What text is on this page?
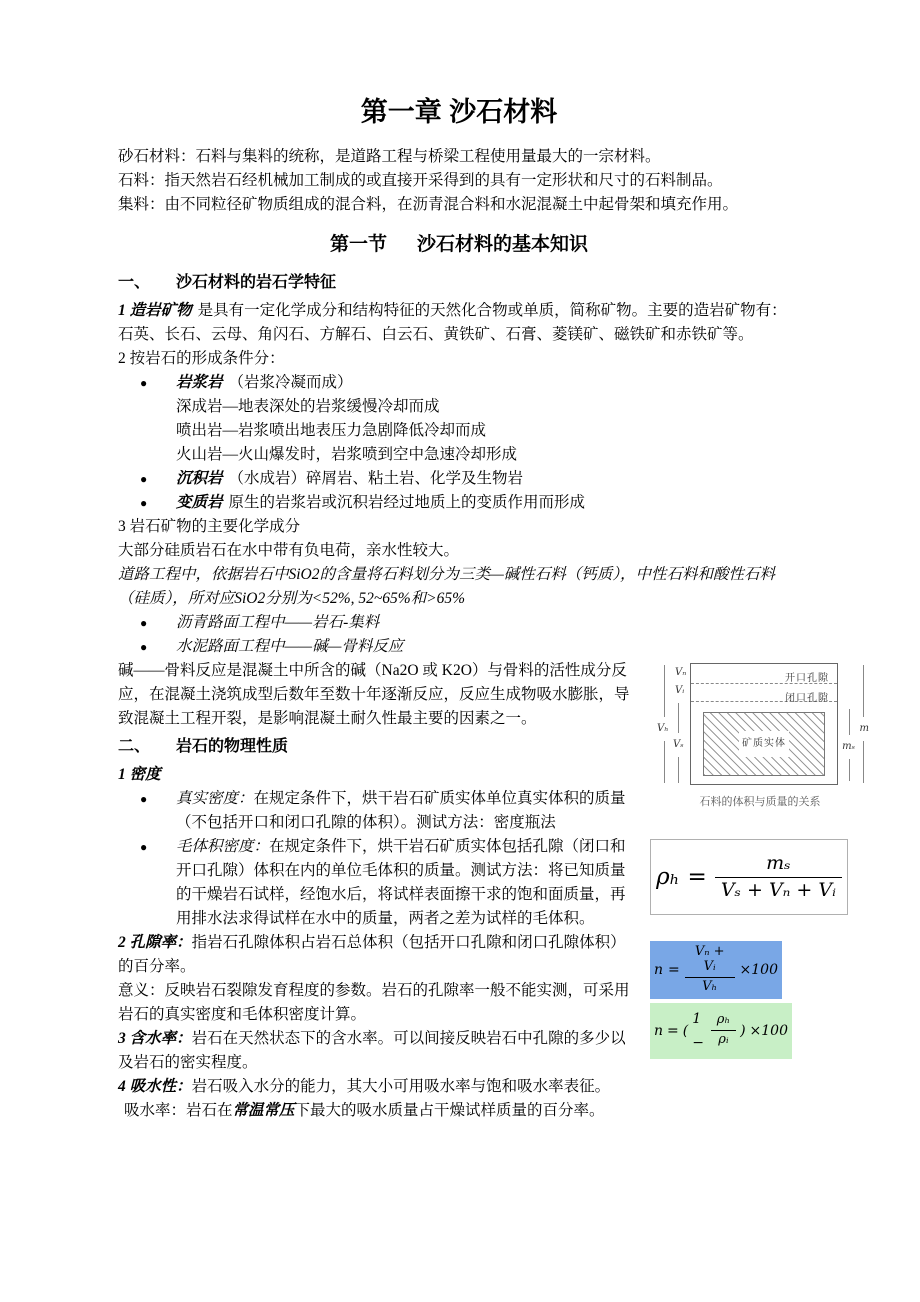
第一章 沙石材料

砂石材料：石料与集料的统称，是道路工程与桥梁工程使用量最大的一宗材料。

石料：指天然岩石经机械加工制成的或直接开采得到的具有一定形状和尺寸的石料制品。

集料：由不同粒径矿物质组成的混合料，在沥青混合料和水泥混凝土中起骨架和填充作用。

第一节 沙石材料的基本知识
一、 沙石材料的岩石学特征

1 造岩矿物 是具有一定化学成分和结构特征的天然化合物或单质，简称矿物。主要的造岩矿物有：石英、长石、云母、角闪石、方解石、白云石、黄铁矿、石膏、菱镁矿、磁铁矿和赤铁矿等。

2 按岩石的形成条件分：

● 岩浆岩 （岩浆冷凝而成）

深成岩—地表深处的岩浆缓慢冷却而成

喷出岩—岩浆喷出地表压力急剧降低冷却而成

火山岩—火山爆发时，岩浆喷到空中急速冷却形成

● 沉积岩 （水成岩）碎屑岩、粘土岩、化学及生物岩
● 变质岩 原生的岩浆岩或沉积岩经过地质上的变质作用而形成

3 岩石矿物的主要化学成分

大部分硅质岩石在水中带有负电荷，亲水性较大。

道路工程中，依据岩石中SiO2的含量将石料划分为三类—碱性石料（钙质），中性石料和酸性石料（硅质），所对应SiO2分别为<52%, 52~65%和>65%

● 沥青路面工程中——岩石-集料
● 水泥路面工程中——碱—骨料反应
Vₙ
Vᵢ
Vₛ
Vₕ
mₛ
m
开口孔隙
闭口孔隙
矿质实体
石料的体积与质量的关系
$\rho_h = \frac{\text{mₛ}}{\text{Vₛ + Vₙ + Vᵢ}}$
$n = \frac{\text{Vₙ + Vᵢ}}{\text{Vₕ}} \times 100$
n = (
$1 - \frac{\text{ρₕ}}{\text{ρᵢ}}$ ) ×100

碱——骨料反应是混凝土中所含的碱（Na2O 或 K2O）与骨料的活性成分反应，在混凝土浇筑成型后数年至数十年逐渐反应，反应生成物吸水膨胀，导致混凝土工程开裂，是影响混凝土耐久性最主要的因素之一。

二、 岩石的物理性质

1 密度

● 真实密度：在规定条件下，烘干岩石矿质实体单位真实体积的质量（不包括开口和闭口孔隙的体积）。测试方法：密度瓶法
● 毛体积密度：在规定条件下，烘干岩石矿质实体包括孔隙（闭口和开口孔隙）体积在内的单位毛体积的质量。测试方法：将已知质量的干燥岩石试样，经饱水后，将试样表面擦干求的饱和面质量，再用排水法求得试样在水中的质量，两者之差为试样的毛体积。

2 孔隙率：指岩石孔隙体积占岩石总体积（包括开口孔隙和闭口孔隙体积）的百分率。

意义：反映岩石裂隙发育程度的参数。岩石的孔隙率一般不能实测，可采用岩石的真实密度和毛体积密度计算。

3 含水率：岩石在天然状态下的含水率。可以间接反映岩石中孔隙的多少以及岩石的密实程度。

4 吸水性：岩石吸入水分的能力，其大小可用吸水率与饱和吸水率表征。

吸水率：岩石在常温常压下最大的吸水质量占干燥试样质量的百分率。
